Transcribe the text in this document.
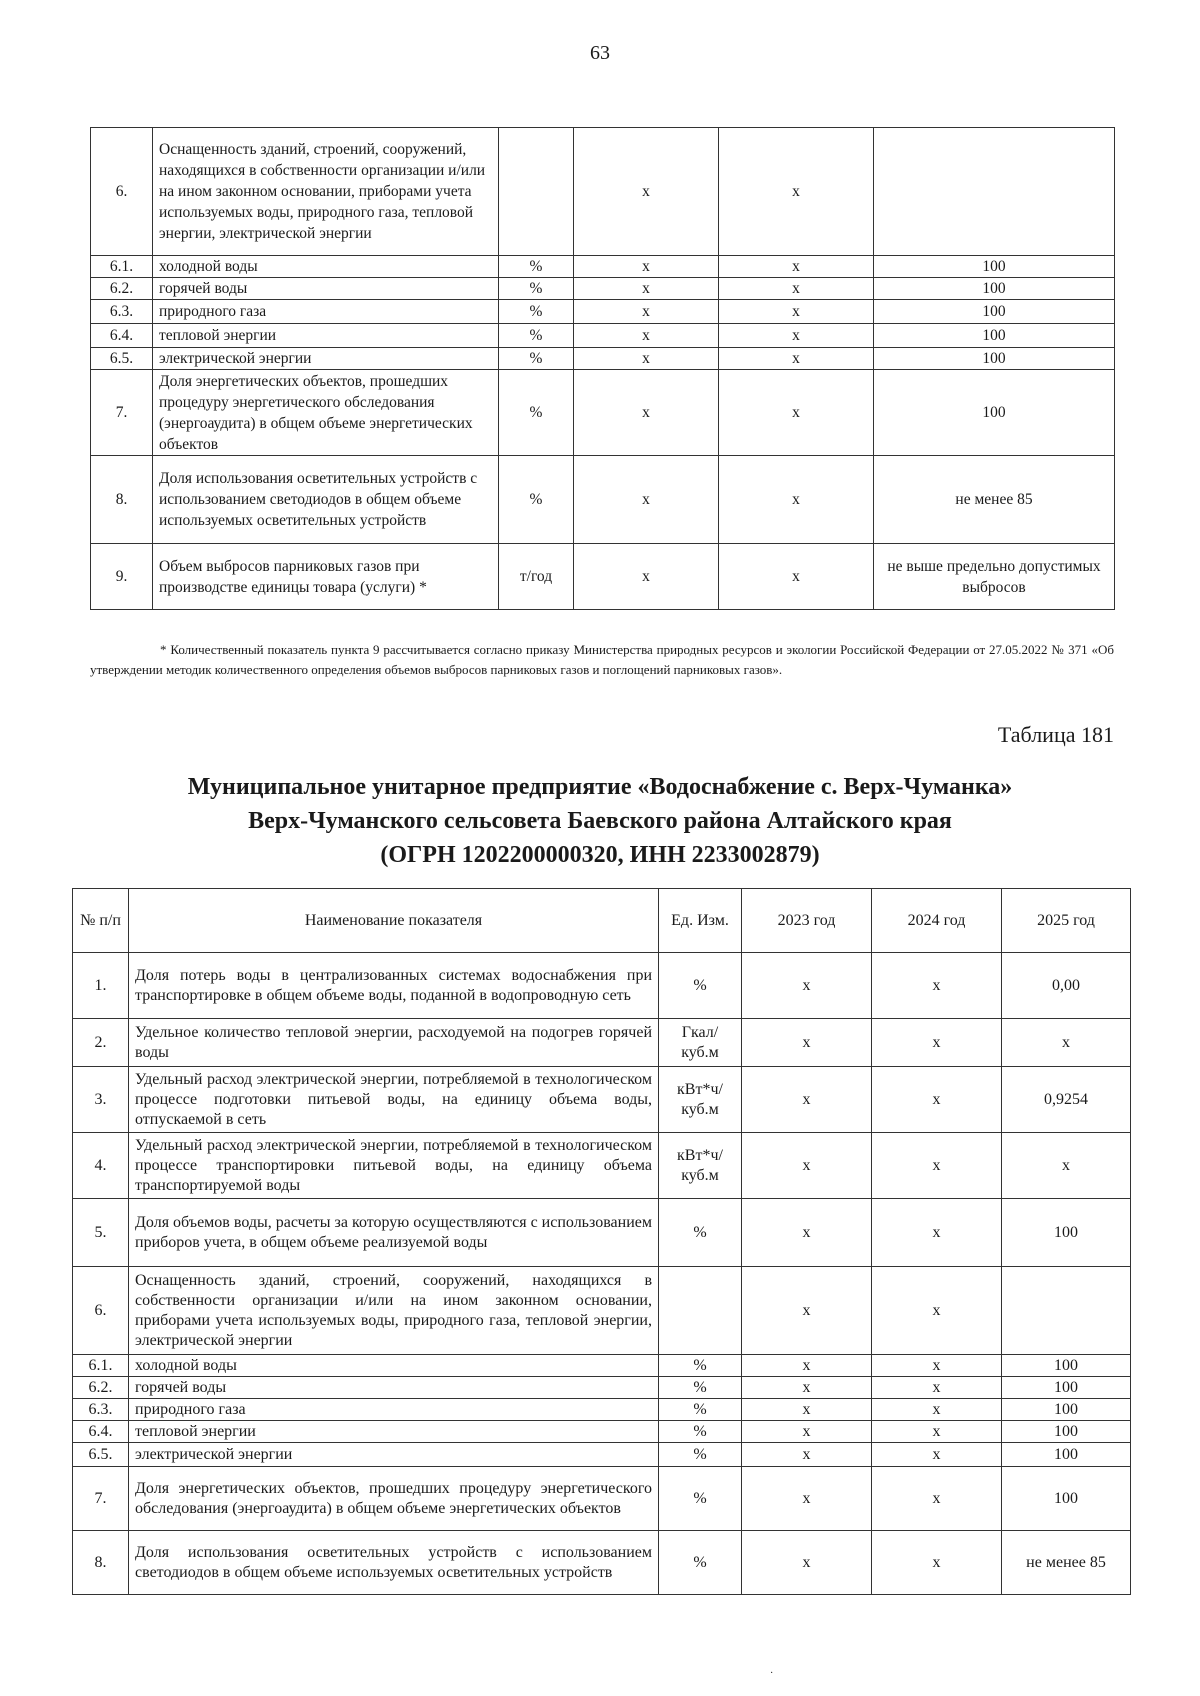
63
6.	Оснащенность зданий, строений, сооружений, находящихся в собственности организации и/или на ином законном основании, приборами учета используемых воды, природного газа, тепловой энергии, электрической энергии		х	х	
6.1.	холодной воды	%	х	х	100
6.2.	горячей воды	%	х	х	100
6.3.	природного газа	%	х	х	100
6.4.	тепловой энергии	%	х	х	100
6.5.	электрической энергии	%	х	х	100
7.	Доля энергетических объектов, прошедших процедуру энергетического обследования (энергоаудита) в общем объеме энергетических объектов	%	х	х	100
8.	Доля использования осветительных устройств с использованием светодиодов в общем объеме используемых осветительных устройств	%	х	х	не менее 85
9.	Объем выбросов парниковых газов при производстве единицы товара (услуги) *	т/год	х	х	не выше предельно допустимых выбросов
* Количественный показатель пункта 9 рассчитывается согласно приказу Министерства природных ресурсов и экологии Российской Федерации от 27.05.2022 № 371 «Об утверждении методик количественного определения объемов выбросов парниковых газов и поглощений парниковых газов».
Таблица 181
Муниципальное унитарное предприятие «Водоснабжение с. Верх-Чуманка»
Верх-Чуманского сельсовета Баевского района Алтайского края
(ОГРН 1202200000320, ИНН 2233002879)
№ п/п	Наименование показателя	Ед. Изм.	2023 год	2024 год	2025 год
1.	Доля потерь воды в централизованных системах водоснабжения при транспортировке в общем объеме воды, поданной в водопроводную сеть	%	х	х	0,00
2.	Удельное количество тепловой энергии, расходуемой на подогрев горячей воды	Гкал/ куб.м	х	х	х
3.	Удельный расход электрической энергии, потребляемой в технологическом процессе подготовки питьевой воды, на единицу объема воды, отпускаемой в сеть	кВт*ч/ куб.м	х	х	0,9254
4.	Удельный расход электрической энергии, потребляемой в технологическом процессе транспортировки питьевой воды, на единицу объема транспортируемой воды	кВт*ч/ куб.м	х	х	х
5.	Доля объемов воды, расчеты за которую осуществляются с использованием приборов учета, в общем объеме реализуемой воды	%	х	х	100
6.	Оснащенность зданий, строений, сооружений, находящихся в собственности организации и/или на ином законном основании, приборами учета используемых воды, природного газа, тепловой энергии, электрической энергии		х	х	
6.1.	холодной воды	%	х	х	100
6.2.	горячей воды	%	х	х	100
6.3.	природного газа	%	х	х	100
6.4.	тепловой энергии	%	х	х	100
6.5.	электрической энергии	%	х	х	100
7.	Доля энергетических объектов, прошедших процедуру энергетического обследования (энергоаудита) в общем объеме энергетических объектов	%	х	х	100
8.	Доля использования осветительных устройств с использованием светодиодов в общем объеме используемых осветительных устройств	%	х	х	не менее 85
·
